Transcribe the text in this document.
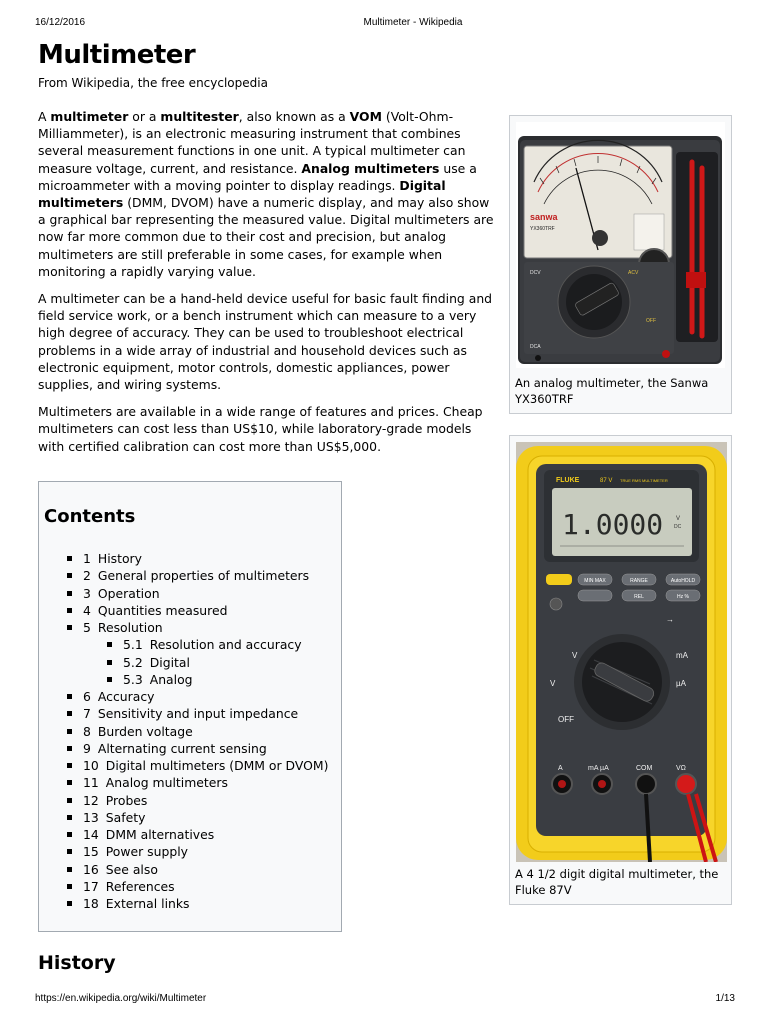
16/12/2016	Multimeter - Wikipedia
Multimeter
From Wikipedia, the free encyclopedia

A multimeter or a multitester, also known as a VOM (Volt-Ohm-Milliammeter), is an electronic measuring instrument that combines several measurement functions in one unit. A typical multimeter can measure voltage, current, and resistance. Analog multimeters use a microammeter with a moving pointer to display readings. Digital multimeters (DMM, DVOM) have a numeric display, and may also show a graphical bar representing the measured value. Digital multimeters are now far more common due to their cost and precision, but analog multimeters are still preferable in some cases, for example when monitoring a rapidly varying value.

A multimeter can be a hand-held device useful for basic fault finding and field service work, or a bench instrument which can measure to a very high degree of accuracy. They can be used to troubleshoot electrical problems in a wide array of industrial and household devices such as electronic equipment, motor controls, domestic appliances, power supplies, and wiring systems.

Multimeters are available in a wide range of features and prices. Cheap multimeters can cost less than US$10, while laboratory-grade models with certified calibration can cost more than US$5,000.

Contents
1 History
2 General properties of multimeters
3 Operation
4 Quantities measured
5 Resolution
5.1 Resolution and accuracy
5.2 Digital
5.3 Analog
6 Accuracy
7 Sensitivity and input impedance
8 Burden voltage
9 Alternating current sensing
10 Digital multimeters (DMM or DVOM)
11 Analog multimeters
12 Probes
13 Safety
14 DMM alternatives
15 Power supply
16 See also
17 References
18 External links
History
sanwa
YX360TRF
DCV	ACV
OFF
DCA
An analog multimeter, the Sanwa YX360TRF
FLUKE	87 V TRUE RMS MULTIMETER
1.0000 V
DC
MIN MAX	RANGE	AutoHOLD
REL	Hz %
V
V
OFF
mA
µA
→
A	mA µA	COM	VΩ
A 4 1/2 digit digital multimeter, the Fluke 87V
https://en.wikipedia.org/wiki/Multimeter	1/13
